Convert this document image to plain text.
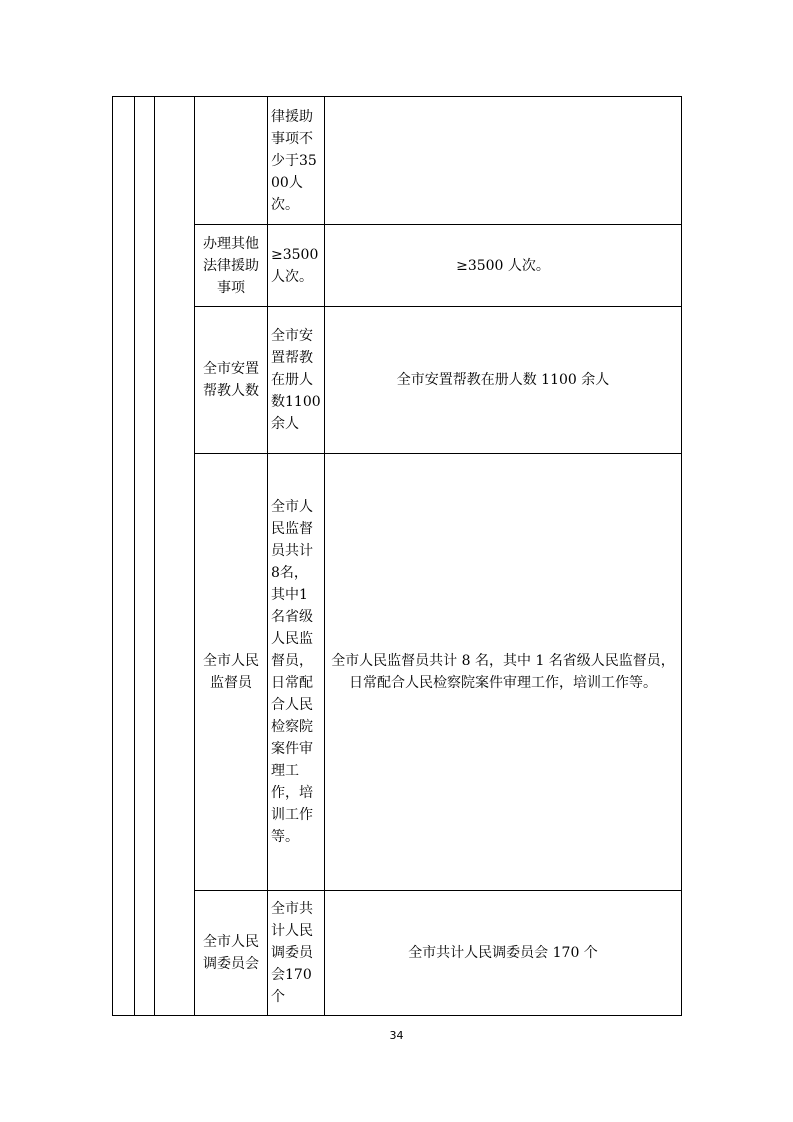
				律援助事项不少于3500人次。	
			办理其他法律援助事项	≥3500人次。	≥3500 人次。
			全市安置帮教人数	全市安置帮教在册人数1100余人	全市安置帮教在册人数 1100 余人
			全市人民监督员	全市人民监督员共计8名，其中1名省级人民监督员，日常配合人民检察院案件审理工作，培训工作等。	全市人民监督员共计 8 名，其中 1 名省级人民监督员，日常配合人民检察院案件审理工作，培训工作等。
			全市人民调委员会	全市共计人民调委员会170个	全市共计人民调委员会 170 个
34
